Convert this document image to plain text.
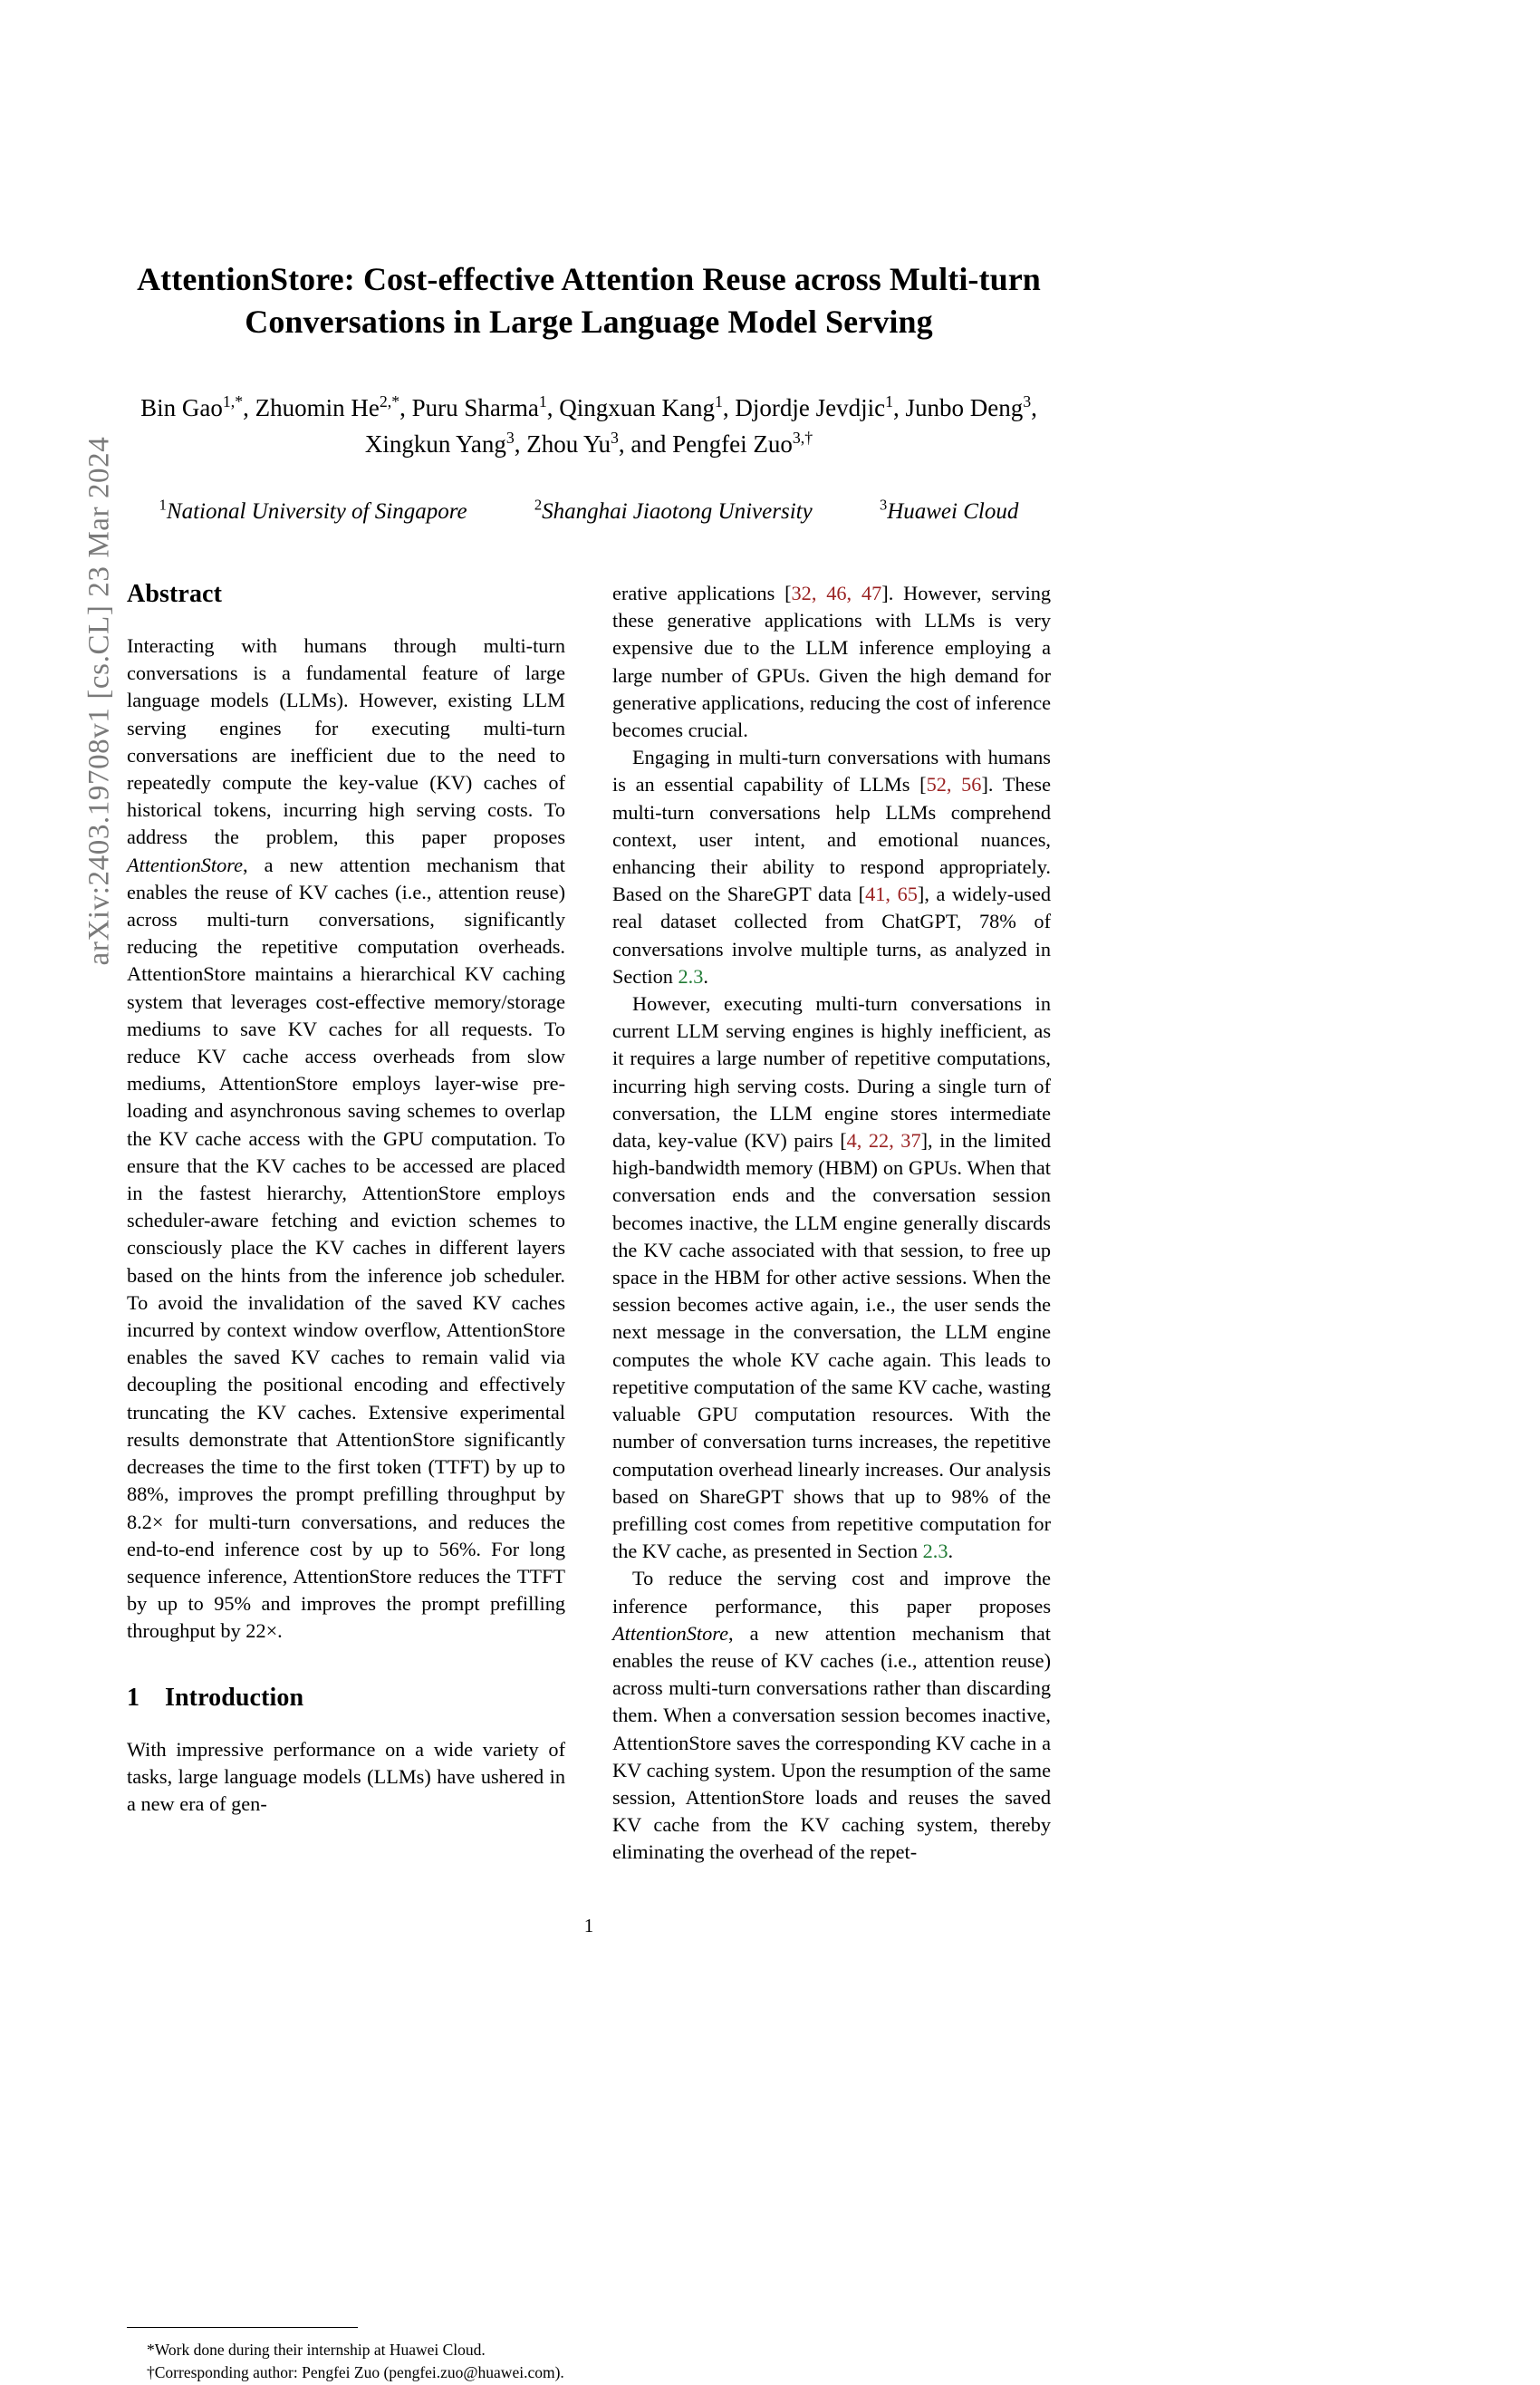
arXiv:2403.19708v1 [cs.CL] 23 Mar 2024
AttentionStore: Cost-effective Attention Reuse across Multi-turn Conversations in Large Language Model Serving
Bin Gao$^{1,*}$, Zhuomin $He^{2,*}$, Puru Sharma$^1$, Qingxuan Kang$^1$, Djordje Jevdjic$^1$, Junbo Deng$^3$,
Xingkun Yang$^3$, Zhou Yu$^3$, and Pengfei Zuo$^{3,\dagger}$
$^1$National University of Singapore	$^2$Shanghai Jiaotong University	$^3$Huawei Cloud
Abstract

Interacting with humans through multi-turn conversations is a fundamental feature of large language models (LLMs). However, existing LLM serving engines for executing multi-turn conversations are inefficient due to the need to repeatedly compute the key-value (KV) caches of historical tokens, incurring high serving costs. To address the problem, this paper proposes AttentionStore, a new attention mechanism that enables the reuse of KV caches (i.e., attention reuse) across multi-turn conversations, significantly reducing the repetitive computation overheads. AttentionStore maintains a hierarchical KV caching system that leverages cost-effective memory/storage mediums to save KV caches for all requests. To reduce KV cache access overheads from slow mediums, AttentionStore employs layer-wise pre-loading and asynchronous saving schemes to overlap the KV cache access with the GPU computation. To ensure that the KV caches to be accessed are placed in the fastest hierarchy, AttentionStore employs scheduler-aware fetching and eviction schemes to consciously place the KV caches in different layers based on the hints from the inference job scheduler. To avoid the invalidation of the saved KV caches incurred by context window overflow, AttentionStore enables the saved KV caches to remain valid via decoupling the positional encoding and effectively truncating the KV caches. Extensive experimental results demonstrate that AttentionStore significantly decreases the time to the first token (TTFT) by up to 88%, improves the prompt prefilling throughput by 8.2× for multi-turn conversations, and reduces the end-to-end inference cost by up to 56%. For long sequence inference, AttentionStore reduces the TTFT by up to 95% and improves the prompt prefilling throughput by 22×.

1 Introduction

With impressive performance on a wide variety of tasks, large language models (LLMs) have ushered in a new era of gen-

*Work done during their internship at Huawei Cloud.

†Corresponding author: Pengfei Zuo (pengfei.zuo@huawei.com).

erative applications [32, 46, 47]. However, serving these generative applications with LLMs is very expensive due to the LLM inference employing a large number of GPUs. Given the high demand for generative applications, reducing the cost of inference becomes crucial.

Engaging in multi-turn conversations with humans is an essential capability of LLMs [52, 56]. These multi-turn conversations help LLMs comprehend context, user intent, and emotional nuances, enhancing their ability to respond appropriately. Based on the ShareGPT data [41, 65], a widely-used real dataset collected from ChatGPT, 78% of conversations involve multiple turns, as analyzed in Section 2.3.

However, executing multi-turn conversations in current LLM serving engines is highly inefficient, as it requires a large number of repetitive computations, incurring high serving costs. During a single turn of conversation, the LLM engine stores intermediate data, key-value (KV) pairs [4, 22, 37], in the limited high-bandwidth memory (HBM) on GPUs. When that conversation ends and the conversation session becomes inactive, the LLM engine generally discards the KV cache associated with that session, to free up space in the HBM for other active sessions. When the session becomes active again, i.e., the user sends the next message in the conversation, the LLM engine computes the whole KV cache again. This leads to repetitive computation of the same KV cache, wasting valuable GPU computation resources. With the number of conversation turns increases, the repetitive computation overhead linearly increases. Our analysis based on ShareGPT shows that up to 98% of the prefilling cost comes from repetitive computation for the KV cache, as presented in Section 2.3.

To reduce the serving cost and improve the inference performance, this paper proposes AttentionStore, a new attention mechanism that enables the reuse of KV caches (i.e., attention reuse) across multi-turn conversations rather than discarding them. When a conversation session becomes inactive, AttentionStore saves the corresponding KV cache in a KV caching system. Upon the resumption of the same session, AttentionStore loads and reuses the saved KV cache from the KV caching system, thereby eliminating the overhead of the repet-

1
